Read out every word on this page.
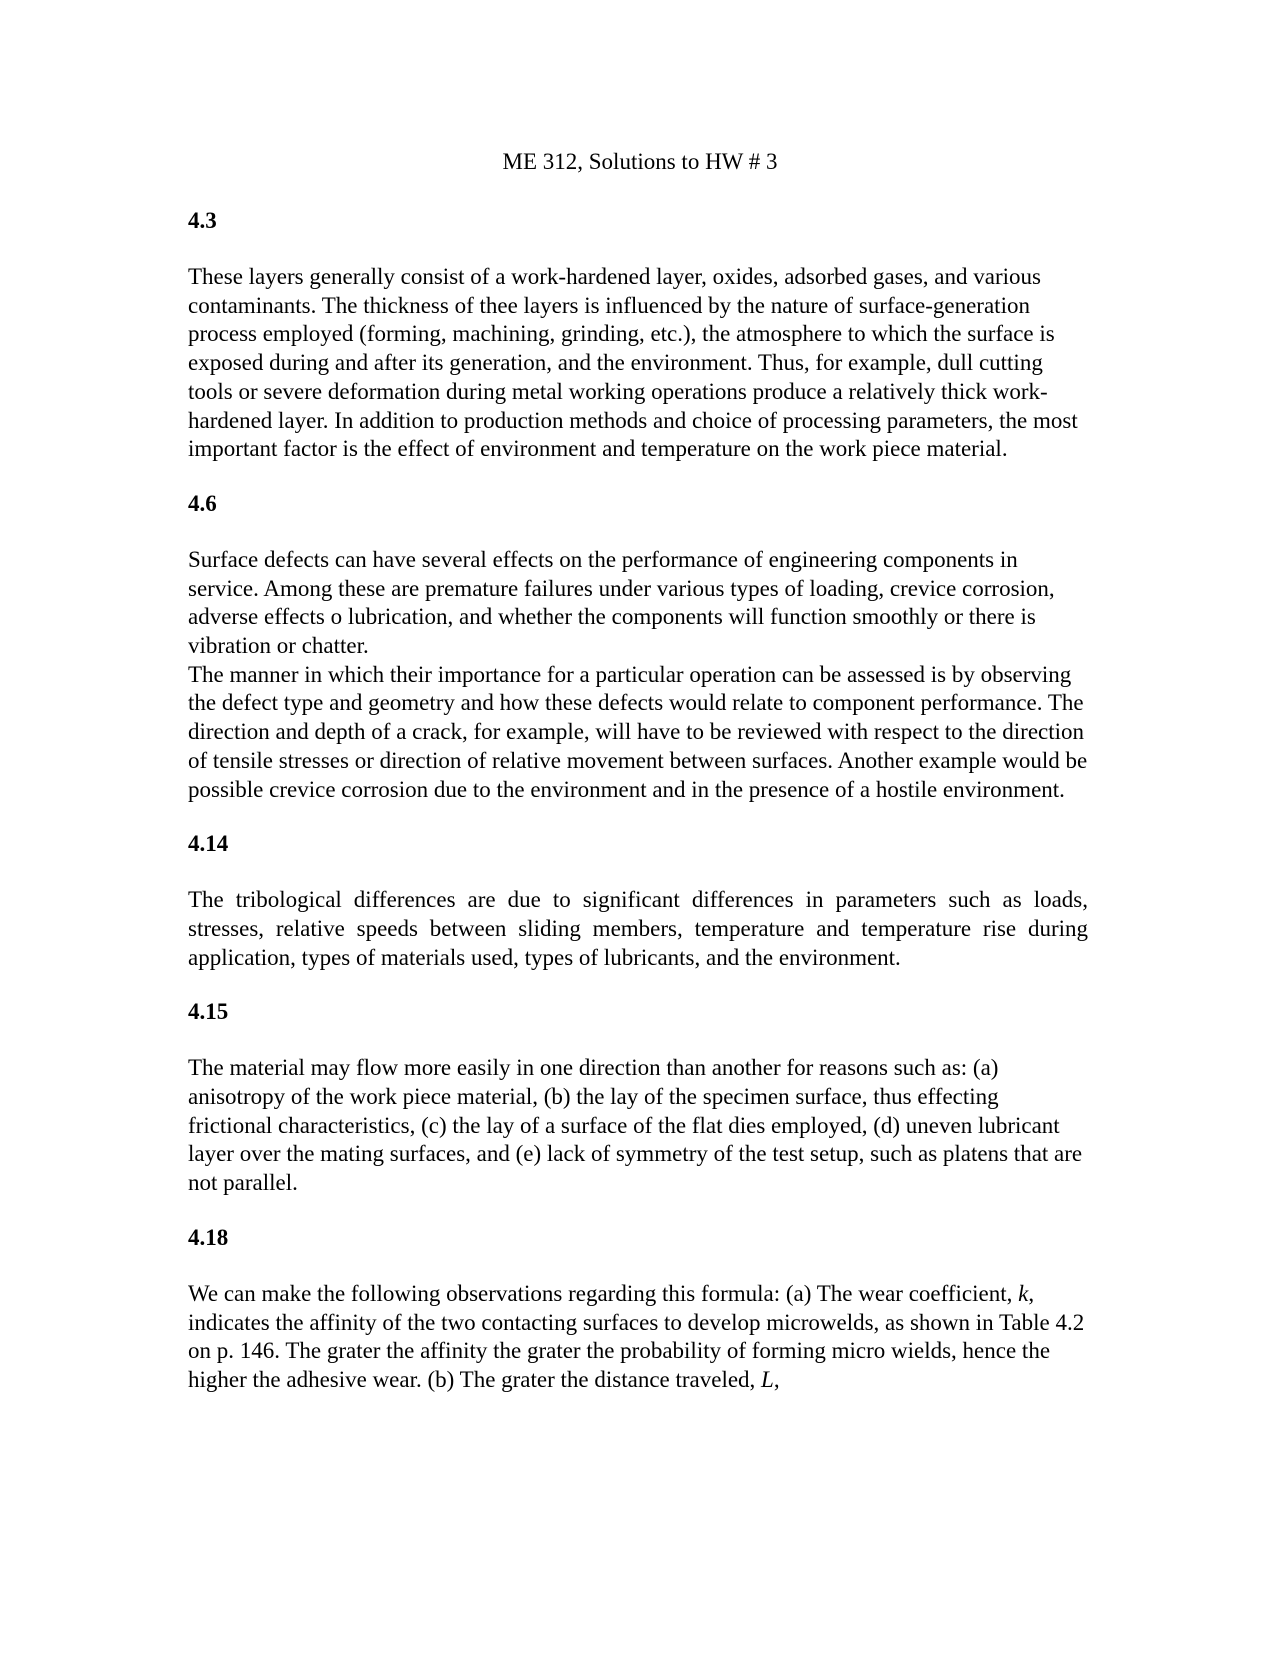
ME 312, Solutions to HW # 3
4.3

These layers generally consist of a work-hardened layer, oxides, adsorbed gases, and various contaminants. The thickness of thee layers is influenced by the nature of surface-generation process employed (forming, machining, grinding, etc.), the atmosphere to which the surface is exposed during and after its generation, and the environment. Thus, for example, dull cutting tools or severe deformation during metal working operations produce a relatively thick work-hardened layer. In addition to production methods and choice of processing parameters, the most important factor is the effect of environment and temperature on the work piece material.

4.6

Surface defects can have several effects on the performance of engineering components in service. Among these are premature failures under various types of loading, crevice corrosion, adverse effects o lubrication, and whether the components will function smoothly or there is vibration or chatter.

The manner in which their importance for a particular operation can be assessed is by observing the defect type and geometry and how these defects would relate to component performance. The direction and depth of a crack, for example, will have to be reviewed with respect to the direction of tensile stresses or direction of relative movement between surfaces. Another example would be possible crevice corrosion due to the environment and in the presence of a hostile environment.

4.14

The tribological differences are due to significant differences in parameters such as loads, stresses, relative speeds between sliding members, temperature and temperature rise during application, types of materials used, types of lubricants, and the environment.

4.15

The material may flow more easily in one direction than another for reasons such as: (a) anisotropy of the work piece material, (b) the lay of the specimen surface, thus effecting frictional characteristics, (c) the lay of a surface of the flat dies employed, (d) uneven lubricant layer over the mating surfaces, and (e) lack of symmetry of the test setup, such as platens that are not parallel.

4.18

We can make the following observations regarding this formula: (a) The wear coefficient, k, indicates the affinity of the two contacting surfaces to develop microwelds, as shown in Table 4.2 on p. 146. The grater the affinity the grater the probability of forming micro wields, hence the higher the adhesive wear. (b) The grater the distance traveled, L,
